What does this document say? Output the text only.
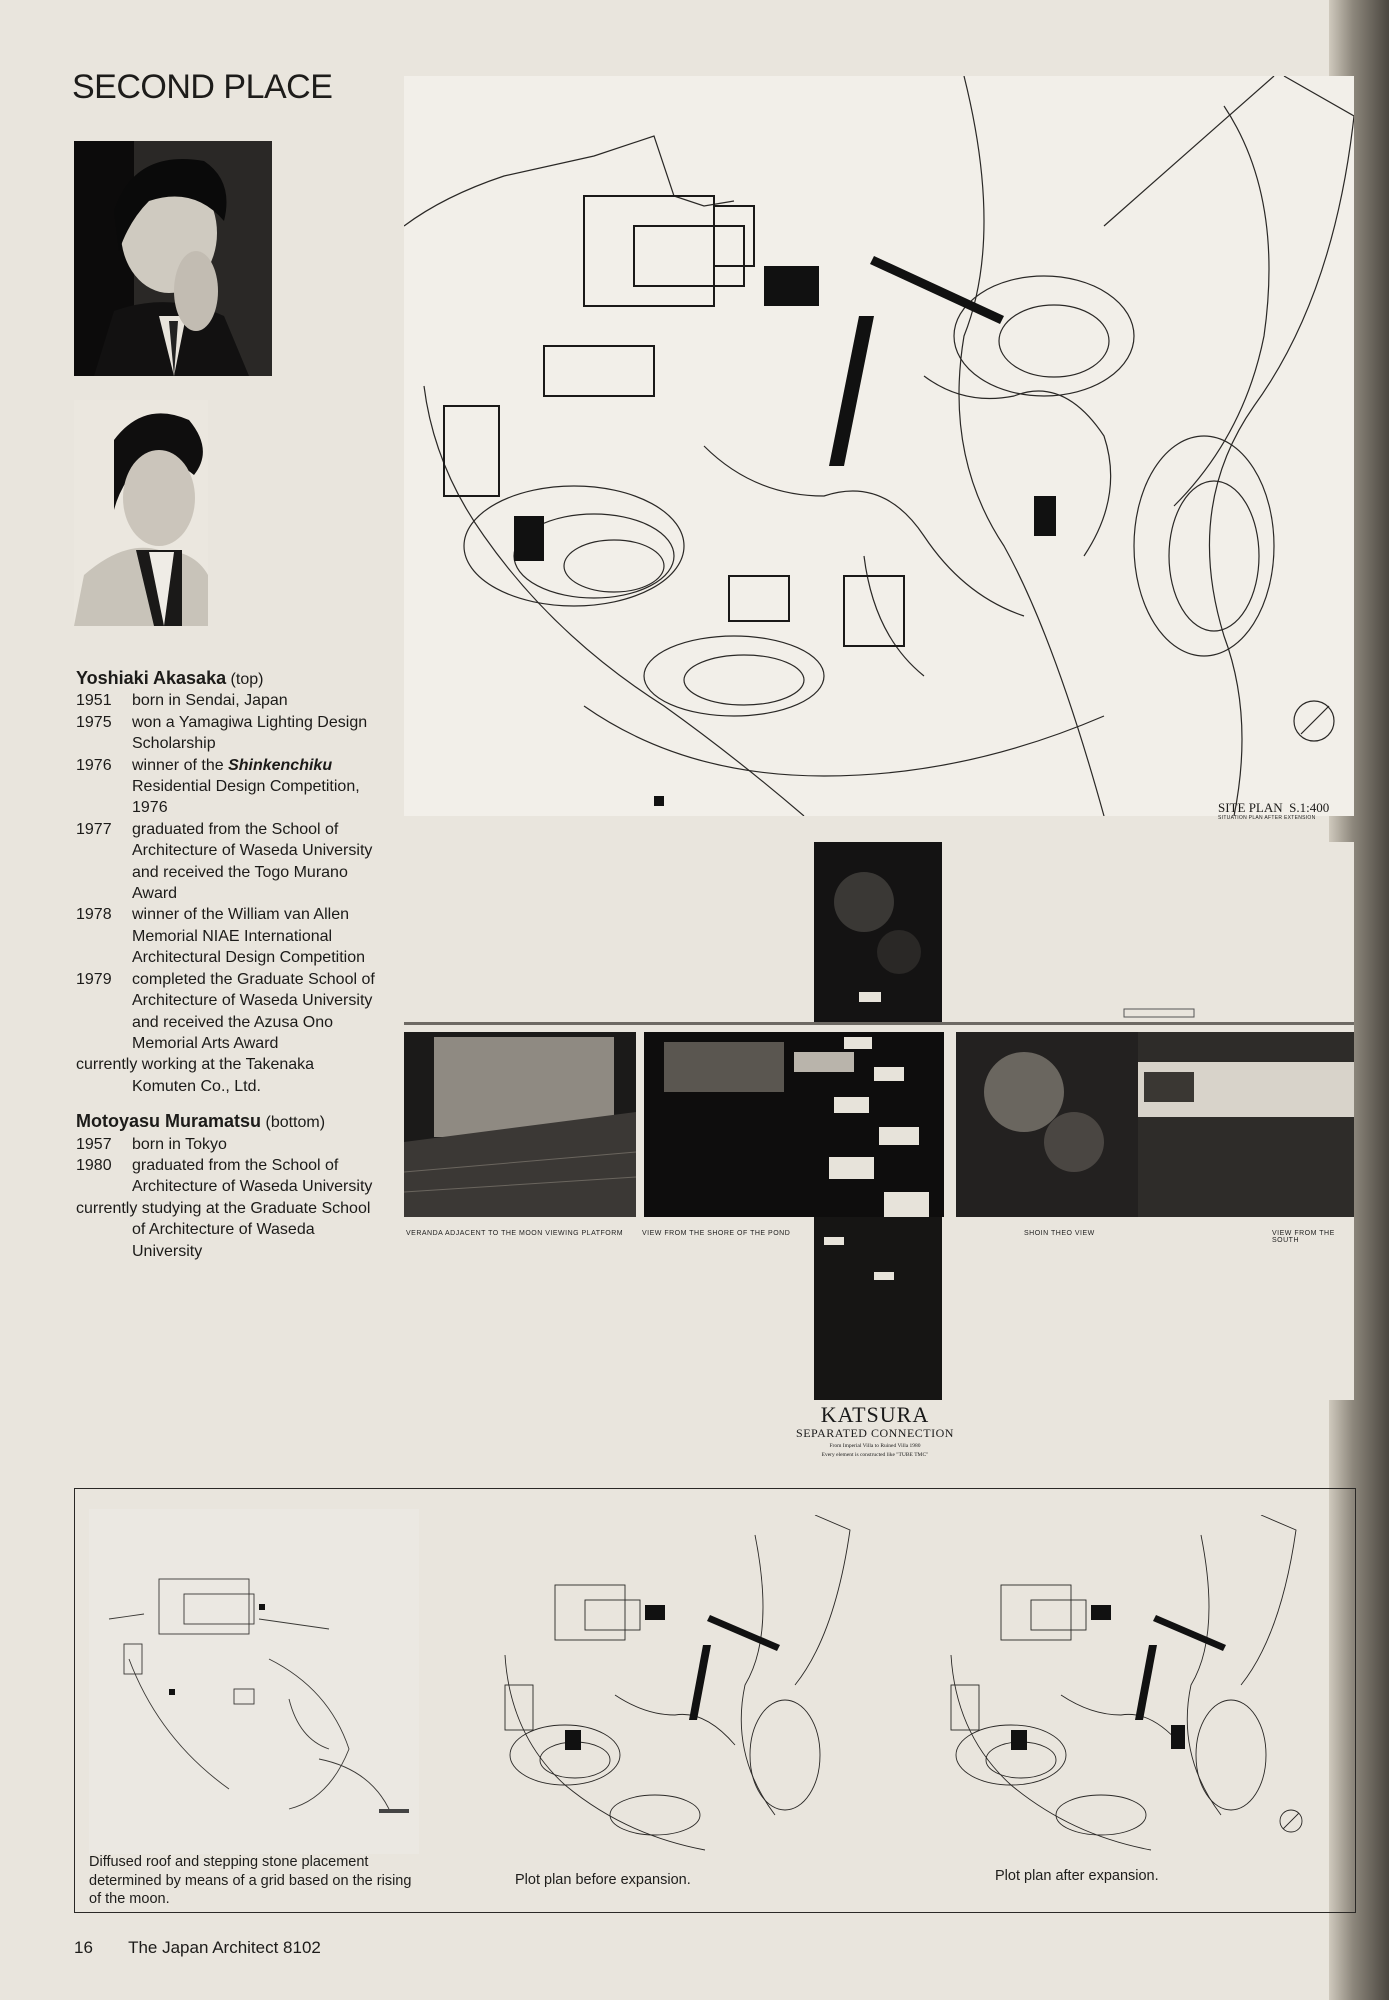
SECOND PLACE
Yoshiaki Akasaka (top)
1951	born in Sendai, Japan
1975	won a Yamagiwa Lighting Design Scholarship
1976	winner of the Shinkenchiku Residential Design Competition, 1976
1977	graduated from the School of Architecture of Waseda University and received the Togo Murano Award
1978	winner of the William van Allen Memorial NIAE International Architectural Design Competition
1979	completed the Graduate School of Architecture of Waseda University and received the Azusa Ono Memorial Arts Award
currently working at the Takenaka Komuten Co., Ltd.
Motoyasu Muramatsu (bottom)
1957	born in Tokyo
1980	graduated from the School of Architecture of Waseda University
currently studying at the Graduate School of Architecture of Waseda University
SITE PLAN S.1:400
SITUATION PLAN AFTER EXTENSION
VERANDA ADJACENT TO THE MOON VIEWING PLATFORM	VIEW FROM THE SHORE OF THE POND	SHOIN THEO VIEW	VIEW FROM THE SOUTH
KATSURA
SEPARATED CONNECTION
From Imperial Villa to Ruined Villa 1980
Every element is constructed like "TUBE TMC"
Diffused roof and stepping stone placement determined by means of a grid based on the rising of the moon.
Plot plan before expansion.	Plot plan after expansion.
16 The Japan Architect 8102
